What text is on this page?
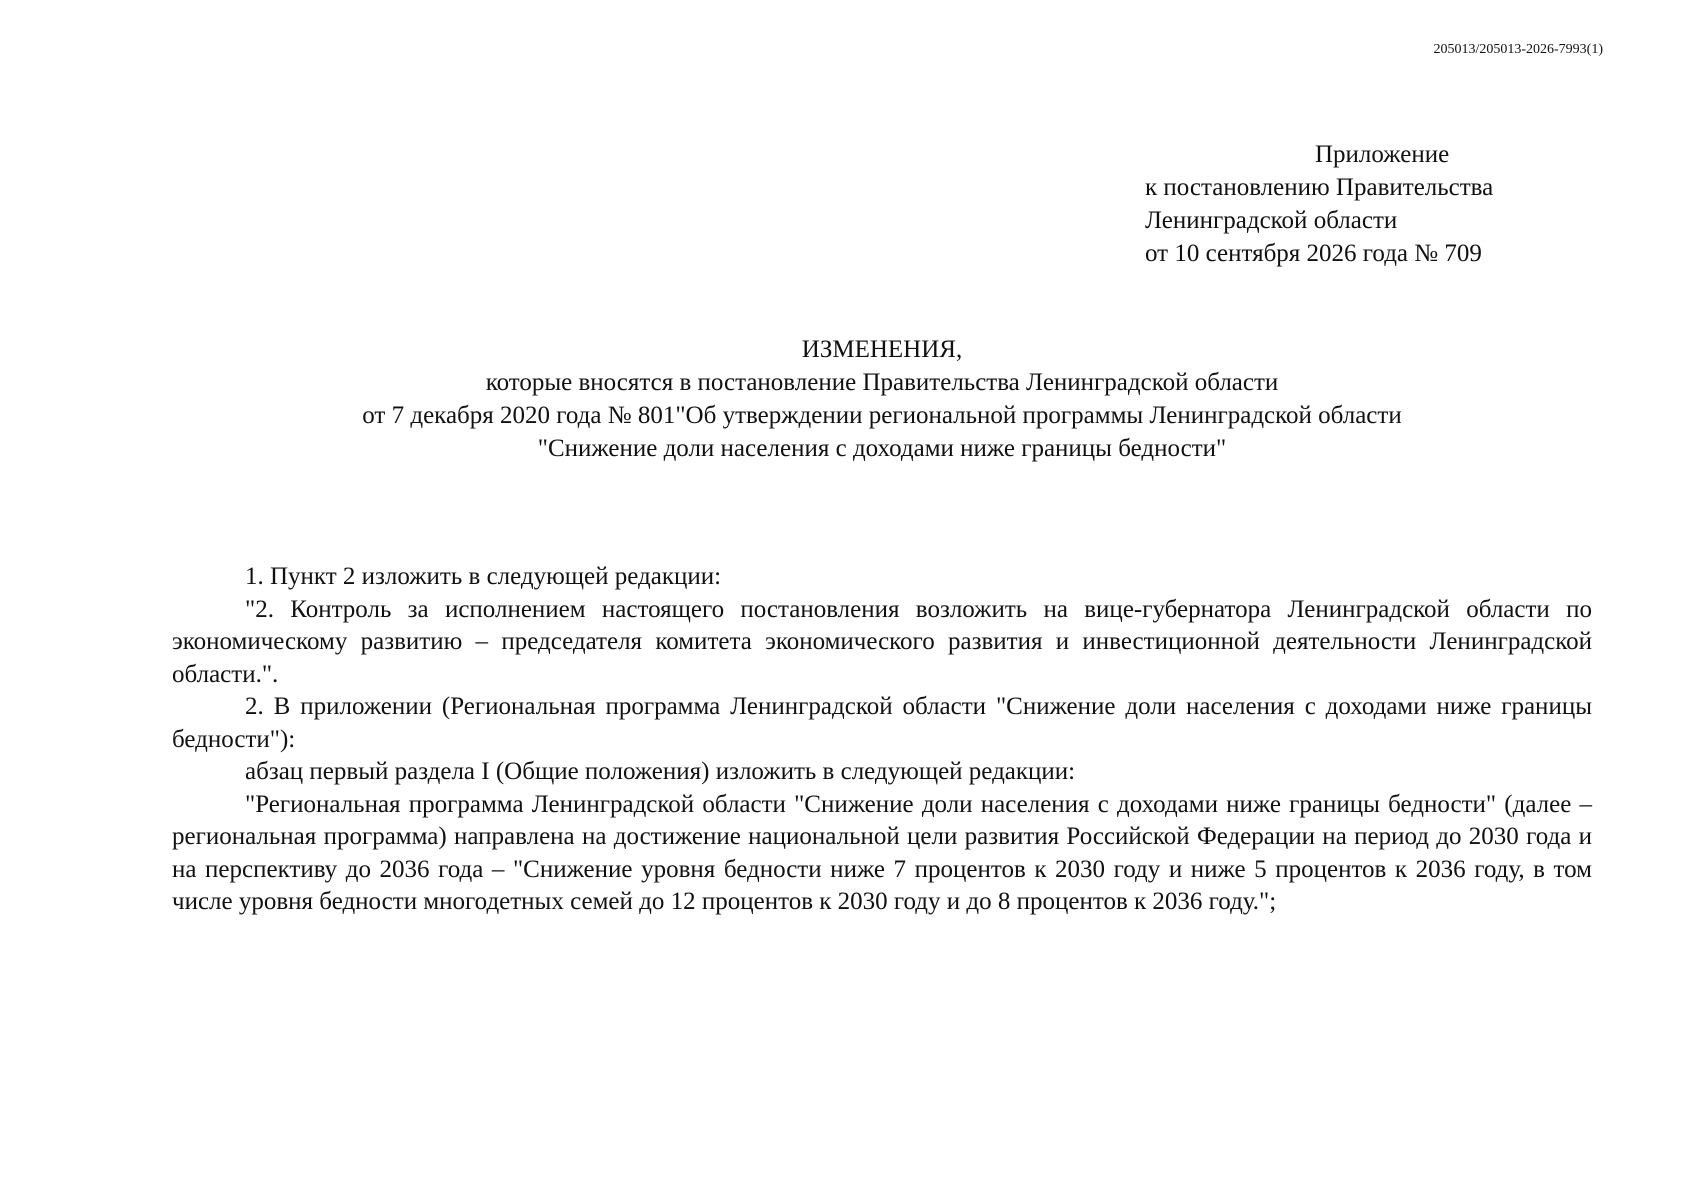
205013/205013-2026-7993(1)
Приложение
к постановлению Правительства
Ленинградской области
от 10 сентября 2026 года № 709
ИЗМЕНЕНИЯ,
которые вносятся в постановление Правительства Ленинградской области
от 7 декабря 2020 года № 801"Об утверждении региональной программы Ленинградской области
"Снижение доли населения с доходами ниже границы бедности"

1. Пункт 2 изложить в следующей редакции:

"2. Контроль за исполнением настоящего постановления возложить на вице-губернатора Ленинградской области по экономическому развитию – председателя комитета экономического развития и инвестиционной деятельности Ленинградской области.".

2. В приложении (Региональная программа Ленинградской области "Снижение доли населения с доходами ниже границы бедности"):

абзац первый раздела I (Общие положения) изложить в следующей редакции:

"Региональная программа Ленинградской области "Снижение доли населения с доходами ниже границы бедности" (далее – региональная программа) направлена на достижение национальной цели развития Российской Федерации на период до 2030 года и на перспективу до 2036 года – "Снижение уровня бедности ниже 7 процентов к 2030 году и ниже 5 процентов к 2036 году, в том числе уровня бедности многодетных семей до 12 процентов к 2030 году и до 8 процентов к 2036 году.";
